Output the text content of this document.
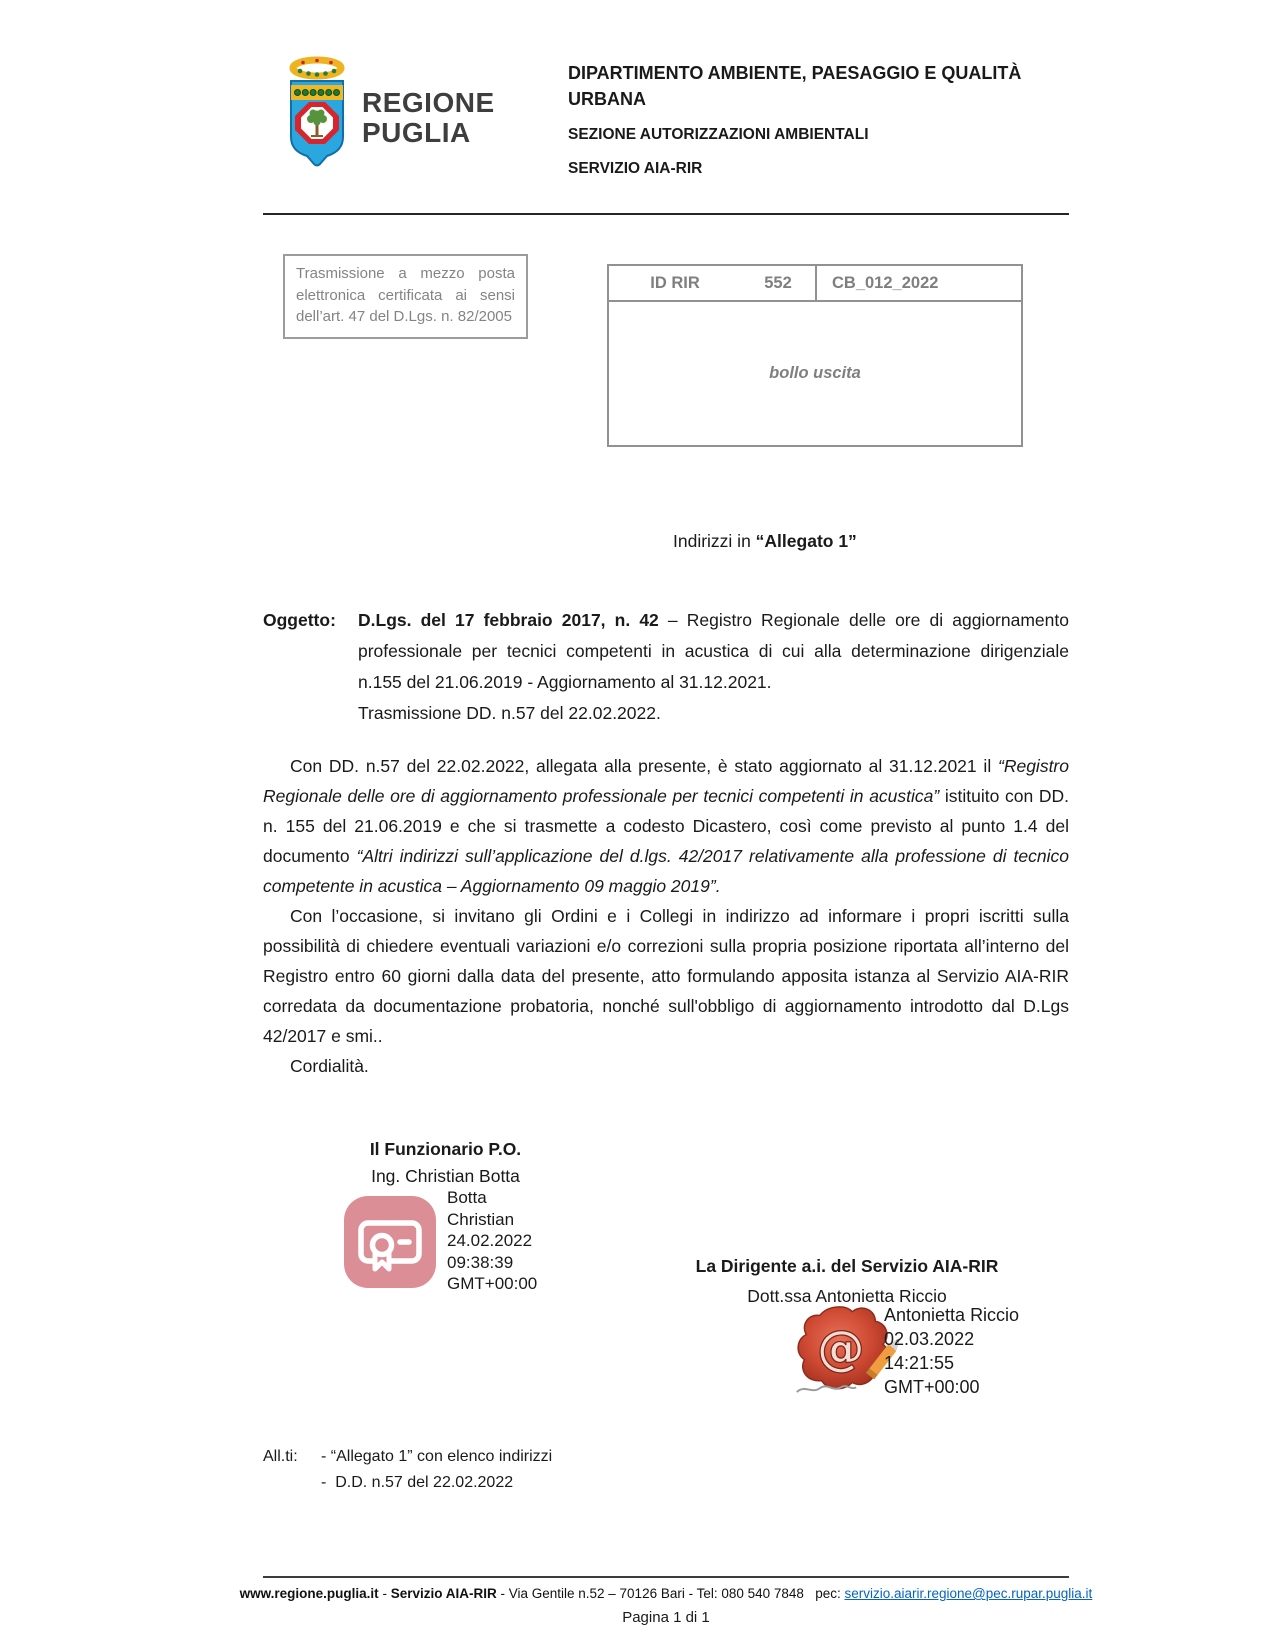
REGIONE
PUGLIA
DIPARTIMENTO AMBIENTE, PAESAGGIO E QUALITÀ URBANA
SEZIONE AUTORIZZAZIONI AMBIENTALI
SERVIZIO AIA-RIR
Trasmissione a mezzo posta elettronica certificata ai sensi dell’art. 47 del D.Lgs. n. 82/2005
ID RIR	552	CB_012_2022
bollo uscita
Indirizzi in “Allegato 1”
Oggetto:	D.Lgs. del 17 febbraio 2017, n. 42 – Registro Regionale delle ore di aggiornamento professionale per tecnici competenti in acustica di cui alla determinazione dirigenziale n.155 del 21.06.2019 - Aggiornamento al 31.12.2021.
Trasmissione DD. n.57 del 22.02.2022.

Con DD. n.57 del 22.02.2022, allegata alla presente, è stato aggiornato al 31.12.2021 il “Registro Regionale delle ore di aggiornamento professionale per tecnici competenti in acustica” istituito con DD. n. 155 del 21.06.2019 e che si trasmette a codesto Dicastero, così come previsto al punto 1.4 del documento “Altri indirizzi sull’applicazione del d.lgs. 42/2017 relativamente alla professione di tecnico competente in acustica – Aggiornamento 09 maggio 2019”.

Con l’occasione, si invitano gli Ordini e i Collegi in indirizzo ad informare i propri iscritti sulla possibilità di chiedere eventuali variazioni e/o correzioni sulla propria posizione riportata all’interno del Registro entro 60 giorni dalla data del presente, atto formulando apposita istanza al Servizio AIA-RIR corredata da documentazione probatoria, nonché sull'obbligo di aggiornamento introdotto dal D.Lgs 42/2017 e smi..

Cordialità.

Il Funzionario P.O.
Ing. Christian Botta
Botta
Christian
24.02.2022
09:38:39
GMT+00:00
La Dirigente a.i. del Servizio AIA-RIR
Dott.ssa Antonietta Riccio
@
Antonietta Riccio
02.03.2022
14:21:55
GMT+00:00
All.ti:	- “Allegato 1” con elenco indirizzi
-  D.D. n.57 del 22.02.2022
www.regione.puglia.it - Servizio AIA-RIR - Via Gentile n.52 – 70126 Bari - Tel: 080 540 7848   pec: servizio.aiarir.regione@pec.rupar.puglia.it
Pagina 1 di 1
